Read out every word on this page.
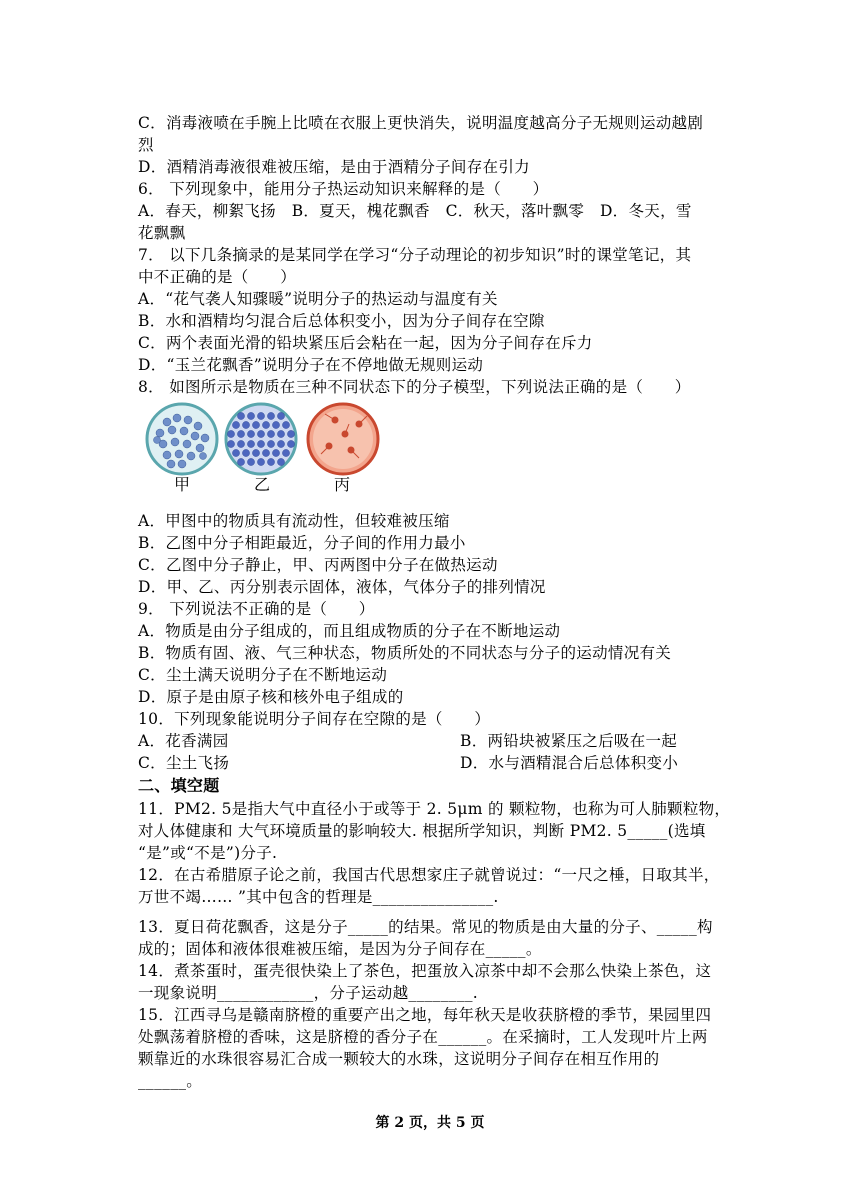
C．消毒液喷在手腕上比喷在衣服上更快消失，说明温度越高分子无规则运动越剧
烈
D．酒精消毒液很难被压缩，是由于酒精分子间存在引力
6． 下列现象中，能用分子热运动知识来解释的是（　　）
A．春天，柳絮飞扬　B．夏天，槐花飘香　C．秋天，落叶飘零　D．冬天，雪
花飘飘
7． 以下几条摘录的是某同学在学习“分子动理论的初步知识”时的课堂笔记，其
中不正确的是（　　）
A．“花气袭人知骤暖”说明分子的热运动与温度有关
B．水和酒精均匀混合后总体积变小，因为分子间存在空隙
C．两个表面光滑的铅块紧压后会粘在一起，因为分子间存在斥力
D．“玉兰花飘香”说明分子在不停地做无规则运动
8． 如图所示是物质在三种不同状态下的分子模型，下列说法正确的是（　　）
甲	乙	丙
A．甲图中的物质具有流动性，但较难被压缩
B．乙图中分子相距最近，分子间的作用力最小
C．乙图中分子静止，甲、丙两图中分子在做热运动
D．甲、乙、丙分别表示固体，液体，气体分子的排列情况
9． 下列说法不正确的是（　　）
A．物质是由分子组成的，而且组成物质的分子在不断地运动
B．物质有固、液、气三种状态，物质所处的不同状态与分子的运动情况有关
C．尘土满天说明分子在不断地运动
D．原子是由原子核和核外电子组成的
10．下列现象能说明分子间存在空隙的是（　　）
A．花香满园	B．两铅块被紧压之后吸在一起
C．尘土飞扬	D．水与酒精混合后总体积变小
二、填空题
11．PM2. 5是指大气中直径小于或等于 2. 5μm 的 颗粒物，也称为可人肺颗粒物，
对人体健康和 大气环境质量的影响较大. 根据所学知识，判断 PM2. 5_____(选填
“是”或“不是”)分子.
12．在古希腊原子论之前，我国古代思想家庄子就曾说过：“一尺之棰，日取其半，
万世不竭…… ”其中包含的哲理是_______________.
13．夏日荷花飘香，这是分子_____的结果。常见的物质是由大量的分子、_____构
成的；固体和液体很难被压缩，是因为分子间存在_____。
14．煮茶蛋时，蛋壳很快染上了茶色，把蛋放入凉茶中却不会那么快染上茶色，这
一现象说明____________，分子运动越________.
15．江西寻乌是赣南脐橙的重要产出之地，每年秋天是收获脐橙的季节，果园里四
处飘荡着脐橙的香味，这是脐橙的香分子在______。在采摘时，工人发现叶片上两
颗靠近的水珠很容易汇合成一颗较大的水珠，这说明分子间存在相互作用的
______。
第 2 页，共 5 页
